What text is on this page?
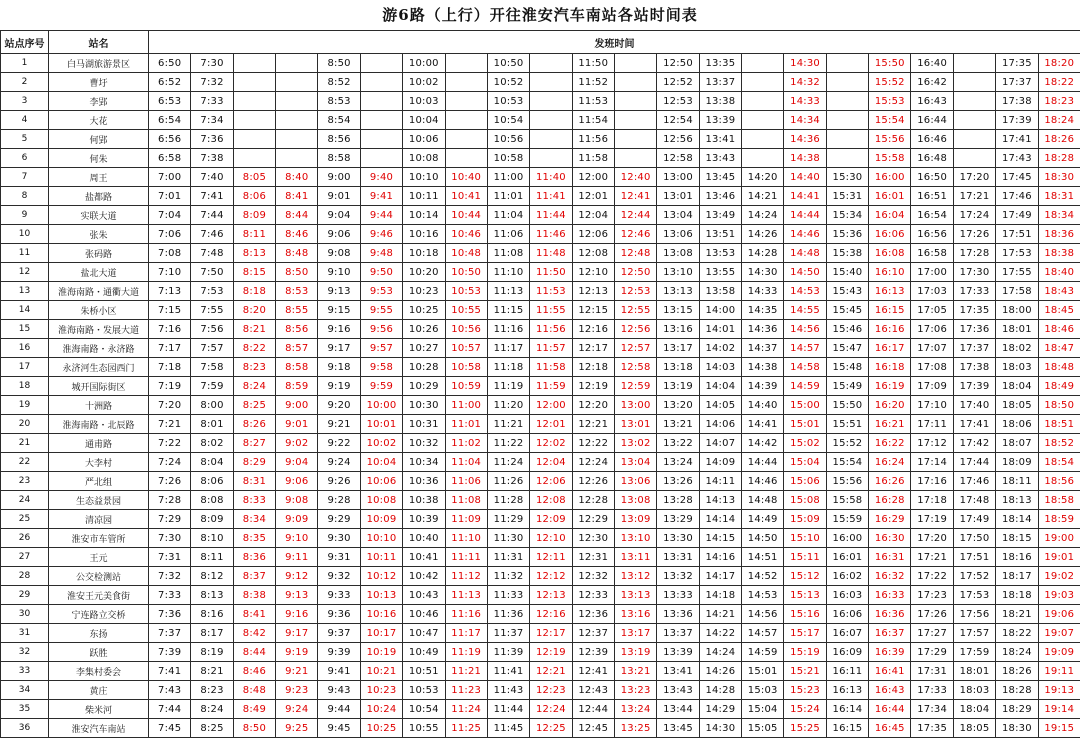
游6路（上行）开往淮安汽车南站各站时间表
站点序号	站名	发班时间																					
1	白马湖旅游景区	6:50	7:30			8:50		10:00		10:50		11:50		12:50	13:35		14:30		15:50	16:40		17:35	18:20
2	曹圩	6:52	7:32			8:52		10:02		10:52		11:52		12:52	13:37		14:32		15:52	16:42		17:37	18:22
3	李郢	6:53	7:33			8:53		10:03		10:53		11:53		12:53	13:38		14:33		15:53	16:43		17:38	18:23
4	大花	6:54	7:34			8:54		10:04		10:54		11:54		12:54	13:39		14:34		15:54	16:44		17:39	18:24
5	何郢	6:56	7:36			8:56		10:06		10:56		11:56		12:56	13:41		14:36		15:56	16:46		17:41	18:26
6	何朱	6:58	7:38			8:58		10:08		10:58		11:58		12:58	13:43		14:38		15:58	16:48		17:43	18:28
7	周王	7:00	7:40	8:05	8:40	9:00	9:40	10:10	10:40	11:00	11:40	12:00	12:40	13:00	13:45	14:20	14:40	15:30	16:00	16:50	17:20	17:45	18:30
8	盐都路	7:01	7:41	8:06	8:41	9:01	9:41	10:11	10:41	11:01	11:41	12:01	12:41	13:01	13:46	14:21	14:41	15:31	16:01	16:51	17:21	17:46	18:31
9	实联大道	7:04	7:44	8:09	8:44	9:04	9:44	10:14	10:44	11:04	11:44	12:04	12:44	13:04	13:49	14:24	14:44	15:34	16:04	16:54	17:24	17:49	18:34
10	张朱	7:06	7:46	8:11	8:46	9:06	9:46	10:16	10:46	11:06	11:46	12:06	12:46	13:06	13:51	14:26	14:46	15:36	16:06	16:56	17:26	17:51	18:36
11	张码路	7:08	7:48	8:13	8:48	9:08	9:48	10:18	10:48	11:08	11:48	12:08	12:48	13:08	13:53	14:28	14:48	15:38	16:08	16:58	17:28	17:53	18:38
12	盐北大道	7:10	7:50	8:15	8:50	9:10	9:50	10:20	10:50	11:10	11:50	12:10	12:50	13:10	13:55	14:30	14:50	15:40	16:10	17:00	17:30	17:55	18:40
13	淮海南路・通衢大道	7:13	7:53	8:18	8:53	9:13	9:53	10:23	10:53	11:13	11:53	12:13	12:53	13:13	13:58	14:33	14:53	15:43	16:13	17:03	17:33	17:58	18:43
14	朱桥小区	7:15	7:55	8:20	8:55	9:15	9:55	10:25	10:55	11:15	11:55	12:15	12:55	13:15	14:00	14:35	14:55	15:45	16:15	17:05	17:35	18:00	18:45
15	淮海南路・发展大道	7:16	7:56	8:21	8:56	9:16	9:56	10:26	10:56	11:16	11:56	12:16	12:56	13:16	14:01	14:36	14:56	15:46	16:16	17:06	17:36	18:01	18:46
16	淮海南路・永济路	7:17	7:57	8:22	8:57	9:17	9:57	10:27	10:57	11:17	11:57	12:17	12:57	13:17	14:02	14:37	14:57	15:47	16:17	17:07	17:37	18:02	18:47
17	永济河生态园西门	7:18	7:58	8:23	8:58	9:18	9:58	10:28	10:58	11:18	11:58	12:18	12:58	13:18	14:03	14:38	14:58	15:48	16:18	17:08	17:38	18:03	18:48
18	城开国际街区	7:19	7:59	8:24	8:59	9:19	9:59	10:29	10:59	11:19	11:59	12:19	12:59	13:19	14:04	14:39	14:59	15:49	16:19	17:09	17:39	18:04	18:49
19	十洲路	7:20	8:00	8:25	9:00	9:20	10:00	10:30	11:00	11:20	12:00	12:20	13:00	13:20	14:05	14:40	15:00	15:50	16:20	17:10	17:40	18:05	18:50
20	淮海南路・北辰路	7:21	8:01	8:26	9:01	9:21	10:01	10:31	11:01	11:21	12:01	12:21	13:01	13:21	14:06	14:41	15:01	15:51	16:21	17:11	17:41	18:06	18:51
21	通甫路	7:22	8:02	8:27	9:02	9:22	10:02	10:32	11:02	11:22	12:02	12:22	13:02	13:22	14:07	14:42	15:02	15:52	16:22	17:12	17:42	18:07	18:52
22	大李村	7:24	8:04	8:29	9:04	9:24	10:04	10:34	11:04	11:24	12:04	12:24	13:04	13:24	14:09	14:44	15:04	15:54	16:24	17:14	17:44	18:09	18:54
23	严北组	7:26	8:06	8:31	9:06	9:26	10:06	10:36	11:06	11:26	12:06	12:26	13:06	13:26	14:11	14:46	15:06	15:56	16:26	17:16	17:46	18:11	18:56
24	生态益景园	7:28	8:08	8:33	9:08	9:28	10:08	10:38	11:08	11:28	12:08	12:28	13:08	13:28	14:13	14:48	15:08	15:58	16:28	17:18	17:48	18:13	18:58
25	清凉园	7:29	8:09	8:34	9:09	9:29	10:09	10:39	11:09	11:29	12:09	12:29	13:09	13:29	14:14	14:49	15:09	15:59	16:29	17:19	17:49	18:14	18:59
26	淮安市车管所	7:30	8:10	8:35	9:10	9:30	10:10	10:40	11:10	11:30	12:10	12:30	13:10	13:30	14:15	14:50	15:10	16:00	16:30	17:20	17:50	18:15	19:00
27	王元	7:31	8:11	8:36	9:11	9:31	10:11	10:41	11:11	11:31	12:11	12:31	13:11	13:31	14:16	14:51	15:11	16:01	16:31	17:21	17:51	18:16	19:01
28	公交检测站	7:32	8:12	8:37	9:12	9:32	10:12	10:42	11:12	11:32	12:12	12:32	13:12	13:32	14:17	14:52	15:12	16:02	16:32	17:22	17:52	18:17	19:02
29	淮安王元美食街	7:33	8:13	8:38	9:13	9:33	10:13	10:43	11:13	11:33	12:13	12:33	13:13	13:33	14:18	14:53	15:13	16:03	16:33	17:23	17:53	18:18	19:03
30	宁连路立交桥	7:36	8:16	8:41	9:16	9:36	10:16	10:46	11:16	11:36	12:16	12:36	13:16	13:36	14:21	14:56	15:16	16:06	16:36	17:26	17:56	18:21	19:06
31	东扬	7:37	8:17	8:42	9:17	9:37	10:17	10:47	11:17	11:37	12:17	12:37	13:17	13:37	14:22	14:57	15:17	16:07	16:37	17:27	17:57	18:22	19:07
32	跃胜	7:39	8:19	8:44	9:19	9:39	10:19	10:49	11:19	11:39	12:19	12:39	13:19	13:39	14:24	14:59	15:19	16:09	16:39	17:29	17:59	18:24	19:09
33	李集村委会	7:41	8:21	8:46	9:21	9:41	10:21	10:51	11:21	11:41	12:21	12:41	13:21	13:41	14:26	15:01	15:21	16:11	16:41	17:31	18:01	18:26	19:11
34	黄庄	7:43	8:23	8:48	9:23	9:43	10:23	10:53	11:23	11:43	12:23	12:43	13:23	13:43	14:28	15:03	15:23	16:13	16:43	17:33	18:03	18:28	19:13
35	柴米河	7:44	8:24	8:49	9:24	9:44	10:24	10:54	11:24	11:44	12:24	12:44	13:24	13:44	14:29	15:04	15:24	16:14	16:44	17:34	18:04	18:29	19:14
36	淮安汽车南站	7:45	8:25	8:50	9:25	9:45	10:25	10:55	11:25	11:45	12:25	12:45	13:25	13:45	14:30	15:05	15:25	16:15	16:45	17:35	18:05	18:30	19:15
